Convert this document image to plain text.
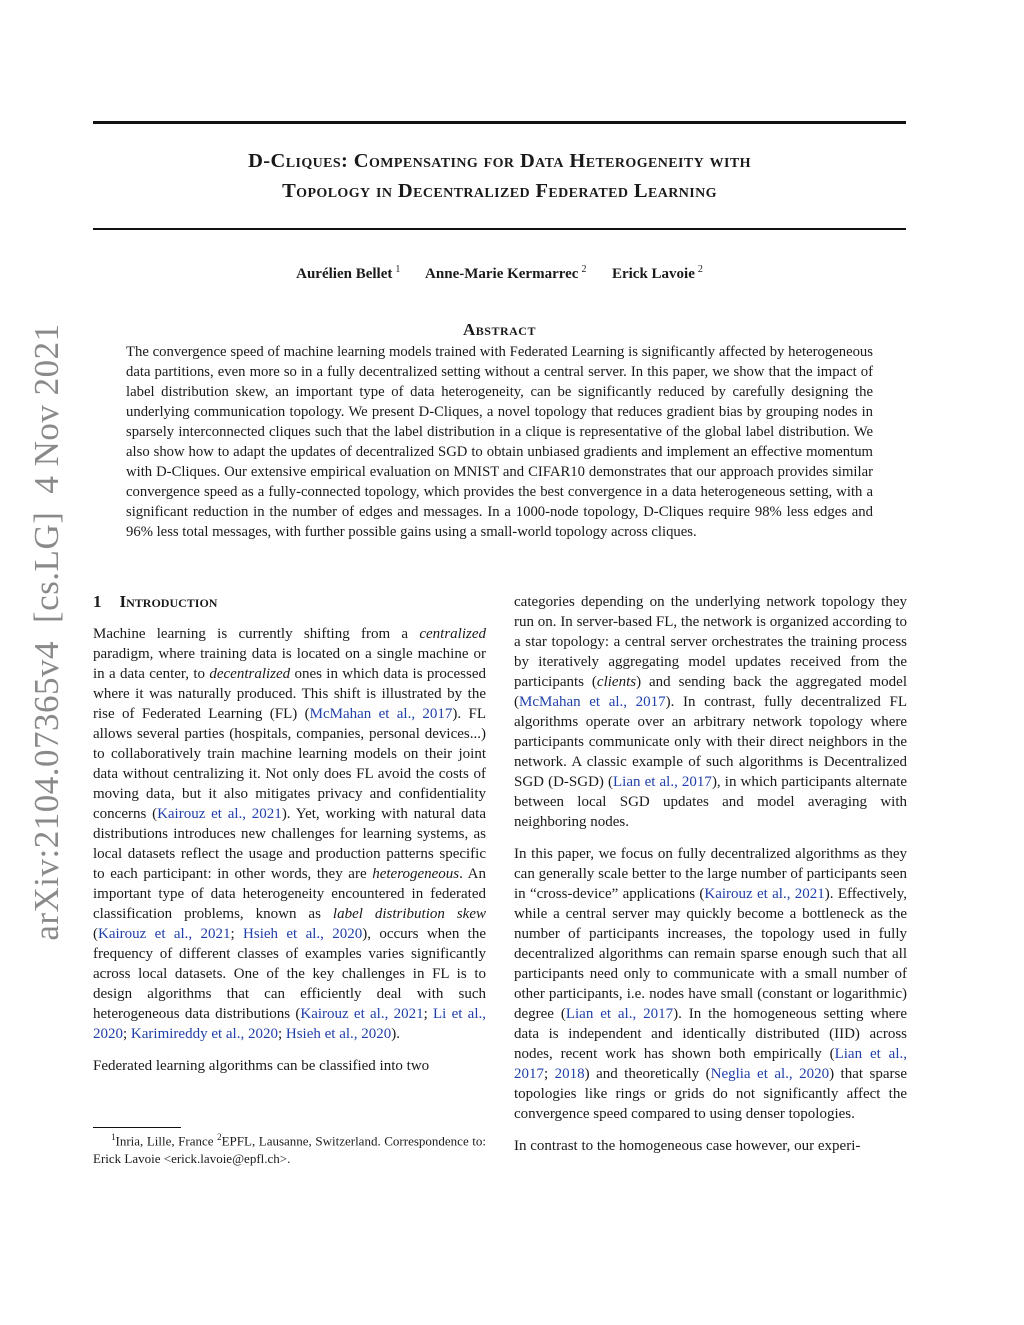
arXiv:2104.07365v4[cs.LG]4 Nov 2021
D-Cliques: Compensating for Data Heterogeneity with
Topology in Decentralized Federated Learning
Aurélien Bellet $^1$ Anne-Marie Kermarrec $^2$ Erick Lavoie $^2$
Abstract
The convergence speed of machine learning models trained with Federated Learning is significantly affected by heterogeneous data partitions, even more so in a fully decentralized setting without a central server. In this paper, we show that the impact of label distribution skew, an important type of data heterogeneity, can be significantly reduced by carefully designing the underlying communication topology. We present D-Cliques, a novel topology that reduces gradient bias by grouping nodes in sparsely interconnected cliques such that the label distribution in a clique is representative of the global label distribution. We also show how to adapt the updates of decentralized SGD to obtain unbiased gradients and implement an effective momentum with D-Cliques. Our extensive empirical evaluation on MNIST and CIFAR10 demonstrates that our approach provides similar convergence speed as a fully-connected topology, which provides the best convergence in a data heterogeneous setting, with a significant reduction in the number of edges and messages. In a 1000-node topology, D-Cliques require 98% less edges and 96% less total messages, with further possible gains using a small-world topology across cliques.
1 Introduction

Machine learning is currently shifting from a centralized paradigm, where training data is located on a single machine or in a data center, to decentralized ones in which data is processed where it was naturally produced. This shift is illustrated by the rise of Federated Learning (FL) (McMahan et al., 2017). FL allows several parties (hospitals, companies, personal devices...) to collaboratively train machine learning models on their joint data without centralizing it. Not only does FL avoid the costs of moving data, but it also mitigates privacy and confidentiality concerns (Kairouz et al., 2021). Yet, working with natural data distributions introduces new challenges for learning systems, as local datasets reflect the usage and production patterns specific to each participant: in other words, they are heterogeneous. An important type of data heterogeneity encountered in federated classification problems, known as label distribution skew (Kairouz et al., 2021; Hsieh et al., 2020), occurs when the frequency of different classes of examples varies significantly across local datasets. One of the key challenges in FL is to design algorithms that can efficiently deal with such heterogeneous data distributions (Kairouz et al., 2021; Li et al., 2020; Karimireddy et al., 2020; Hsieh et al., 2020).

Federated learning algorithms can be classified into two

categories depending on the underlying network topology they run on. In server-based FL, the network is organized according to a star topology: a central server orchestrates the training process by iteratively aggregating model updates received from the participants (clients) and sending back the aggregated model (McMahan et al., 2017). In contrast, fully decentralized FL algorithms operate over an arbitrary network topology where participants communicate only with their direct neighbors in the network. A classic example of such algorithms is Decentralized SGD (D-SGD) (Lian et al., 2017), in which participants alternate between local SGD updates and model averaging with neighboring nodes.

In this paper, we focus on fully decentralized algorithms as they can generally scale better to the large number of participants seen in “cross-device” applications (Kairouz et al., 2021). Effectively, while a central server may quickly become a bottleneck as the number of participants increases, the topology used in fully decentralized algorithms can remain sparse enough such that all participants need only to communicate with a small number of other participants, i.e. nodes have small (constant or logarithmic) degree (Lian et al., 2017). In the homogeneous setting where data is independent and identically distributed (IID) across nodes, recent work has shown both empirically (Lian et al., 2017; 2018) and theoretically (Neglia et al., 2020) that sparse topologies like rings or grids do not significantly affect the convergence speed compared to using denser topologies.

In contrast to the homogeneous case however, our experi-

$^1$Inria, Lille, France $^2$EPFL, Lausanne, Switzerland. Correspondence to: Erick Lavoie <erick.lavoie@epfl.ch>.
